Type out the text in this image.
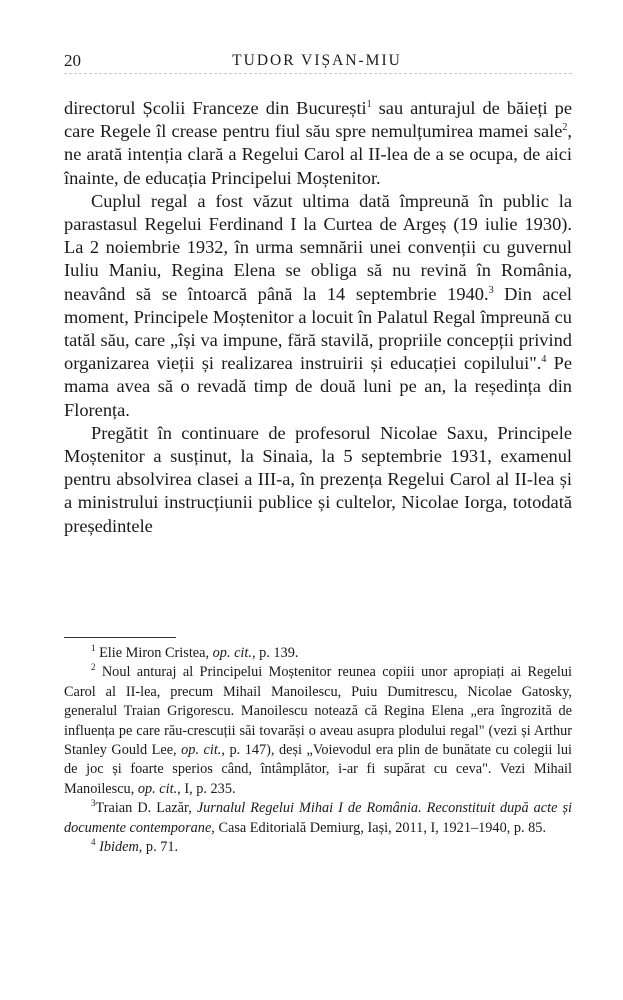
20	TUDOR VIȘAN-MIU

directorul Școlii Franceze din București$^1$ sau anturajul de băieți pe care Regele îl crease pentru fiul său spre nemulțumirea mamei sale$^2$, ne arată intenția clară a Regelui Carol al II-lea de a se ocupa, de aici înainte, de educația Principelui Moștenitor.

Cuplul regal a fost văzut ultima dată împreună în public la parastasul Regelui Ferdinand I la Curtea de Argeș (19 iulie 1930). La 2 noiembrie 1932, în urma semnării unei convenții cu guvernul Iuliu Maniu, Regina Elena se obliga să nu revină în România, neavând să se întoarcă până la 14 septembrie 1940.$^3$ Din acel moment, Principele Moștenitor a locuit în Palatul Regal împreună cu tatăl său, care „își va impune, fără stavilă, propriile concepții privind organizarea vieții și realizarea instruirii și educației copilului".$^4$ Pe mama avea să o revadă timp de două luni pe an, la reședința din Florența.

Pregătit în continuare de profesorul Nicolae Saxu, Principele Moștenitor a susținut, la Sinaia, la 5 septembrie 1931, examenul pentru absolvirea clasei a III-a, în prezența Regelui Carol al II-lea și a ministrului instrucțiunii publice și cultelor, Nicolae Iorga, totodată președintele

$^1$ Elie Miron Cristea, op. cit., p. 139.

$^2$ Noul anturaj al Principelui Moștenitor reunea copiii unor apropiați ai Regelui Carol al II-lea, precum Mihail Manoilescu, Puiu Dumitrescu, Nicolae Gatosky, generalul Traian Grigorescu. Manoilescu notează că Regina Elena „era îngrozită de influența pe care rău-crescuții săi tovarăși o aveau asupra plodului regal" (vezi și Arthur Stanley Gould Lee, op. cit., p. 147), deși „Voievodul era plin de bunătate cu colegii lui de joc și foarte sperios când, întâmplător, i-ar fi supărat cu ceva". Vezi Mihail Manoilescu, op. cit., I, p. 235.

$^3$Traian D. Lazăr, Jurnalul Regelui Mihai I de România. Reconstituit după acte și documente contemporane, Casa Editorială Demiurg, Iași, 2011, I, 1921–1940, p. 85.

$^4$ Ibidem, p. 71.
